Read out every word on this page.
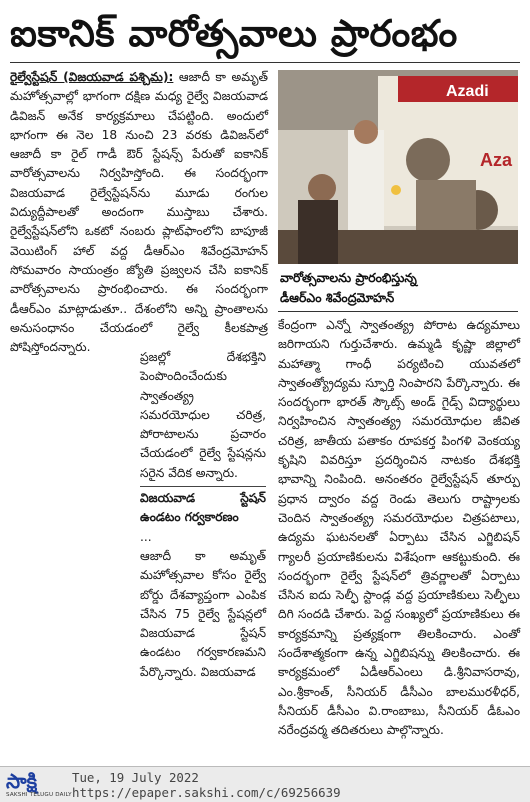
ఐకానిక్ వారోత్సవాలు ప్రారంభం

రైల్వేస్టేషన్ (విజయవాడ పశ్చిమ): ఆజాదీ కా అమృత్ మహోత్సవాల్లో భాగంగా దక్షిణ మధ్య రైల్వే విజయవాడ డివిజన్ అనేక కార్యక్రమాలు చేపట్టింది. అందులో భాగంగా ఈ నెల 18 నుంచి 23 వరకు డివిజన్‌లో ఆజాదీ కా రైల్ గాడీ ఔర్ స్టేషన్స్ పేరుతో ఐకానిక్ వారోత్సవాలను నిర్వహిస్తోంది. ఈ సందర్భంగా విజయవాడ రైల్వేస్టేషన్‌ను మూడు రంగుల విద్యుద్దీపాలతో అందంగా ముస్తాబు చేశారు. రైల్వేస్టేషన్‌లోని ఒకటో నంబరు ప్లాట్‌ఫాంలోని బాపూజీ వెయిటింగ్ హాల్ వద్ద డీఆర్‌ఎం శివేంద్రమోహన్ సోమవారం సాయంత్రం జ్యోతి ప్రజ్వలన చేసి ఐకానిక్ వారోత్సవాలను ప్రారంభించారు. ఈ సందర్భంగా డీఆర్‌ఎం మాట్లాడుతూ.. దేశంలోని అన్ని ప్రాంతాలను అనుసంధానం చేయడంలో రైల్వే కీలకపాత్ర పోషిస్తోందన్నారు.

ప్రజల్లో దేశభక్తిని పెంపొందించేందుకు స్వాతంత్య్ర సమరయోధుల చరిత్ర, పోరాటాలను ప్రచారం చేయడంలో రైల్వే స్టేషన్లను సరైన వేదిక అన్నారు.

విజయవాడ స్టేషన్ ఉండటం గర్వకారణం

...

ఆజాదీ కా అమృత్ మహోత్సవాల కోసం రైల్వే బోర్డు దేశవ్యాప్తంగా ఎంపిక చేసిన 75 రైల్వే స్టేషన్లలో విజయవాడ స్టేషన్ ఉండటం గర్వకారణమని పేర్కొన్నారు. విజయవాడ

Azadi
Aza
వారోత్సవాలను ప్రారంభిస్తున్న
డీఆర్‌ఎం శివేంద్రమోహన్

కేంద్రంగా ఎన్నో స్వాతంత్య్ర పోరాట ఉద్యమాలు జరిగాయని గుర్తుచేశారు. ఉమ్మడి కృష్ణా జిల్లాలో మహాత్మా గాంధీ పర్యటించి యువతలో స్వాతంత్య్రోద్యమ స్ఫూర్తి నింపారని పేర్కొన్నారు. ఈ సందర్భంగా భారత్ స్కౌట్స్ అండ్ గైడ్స్ విద్యార్థులు నిర్వహించిన స్వాతంత్య్ర సమరయోధుల జీవిత చరిత్ర, జాతీయ పతాకం రూపకర్త పింగళి వెంకయ్య కృషిని వివరిస్తూ ప్రదర్శించిన నాటకం దేశభక్తి భావాన్ని నింపింది. అనంతరం రైల్వేస్టేషన్ తూర్పు ప్రధాన ద్వారం వద్ద రెండు తెలుగు రాష్ట్రాలకు చెందిన స్వాతంత్య్ర సమరయోధుల చిత్రపటాలు, ఉద్యమ ఘటనలతో ఏర్పాటు చేసిన ఎగ్జిబిషన్ గ్యాలరీ ప్రయాణికులను విశేషంగా ఆకట్టుకుంది. ఈ సందర్భంగా రైల్వే స్టేషన్‌లో త్రివర్ణాలతో ఏర్పాటు చేసిన ఐదు సెల్ఫీ స్టాండ్ల వద్ద ప్రయాణికులు సెల్ఫీలు దిగి సందడి చేశారు. పెద్ద సంఖ్యలో ప్రయాణికులు ఈ కార్యక్రమాన్ని ప్రత్యక్షంగా తిలకించారు. ఎంతో సందేశాత్మకంగా ఉన్న ఎగ్జిబిషన్ను తిలకించారు. ఈ కార్యక్రమంలో ఏడీఆర్‌ఎంలు డి.శ్రీనివాసరావు, ఎం.శ్రీకాంత్, సీనియర్ డీసీఎం బాలమురళీధర్, సీనియర్ డీసీఎం వి.రాంబాబు, సీనియర్ డీఓఎం నరేంద్రవర్మ తదితరులు పాల్గొన్నారు.

సాక్షి
SAKSHI TELUGU DAILY
Tue, 19 July 2022
https://epaper.sakshi.com/c/69256639
